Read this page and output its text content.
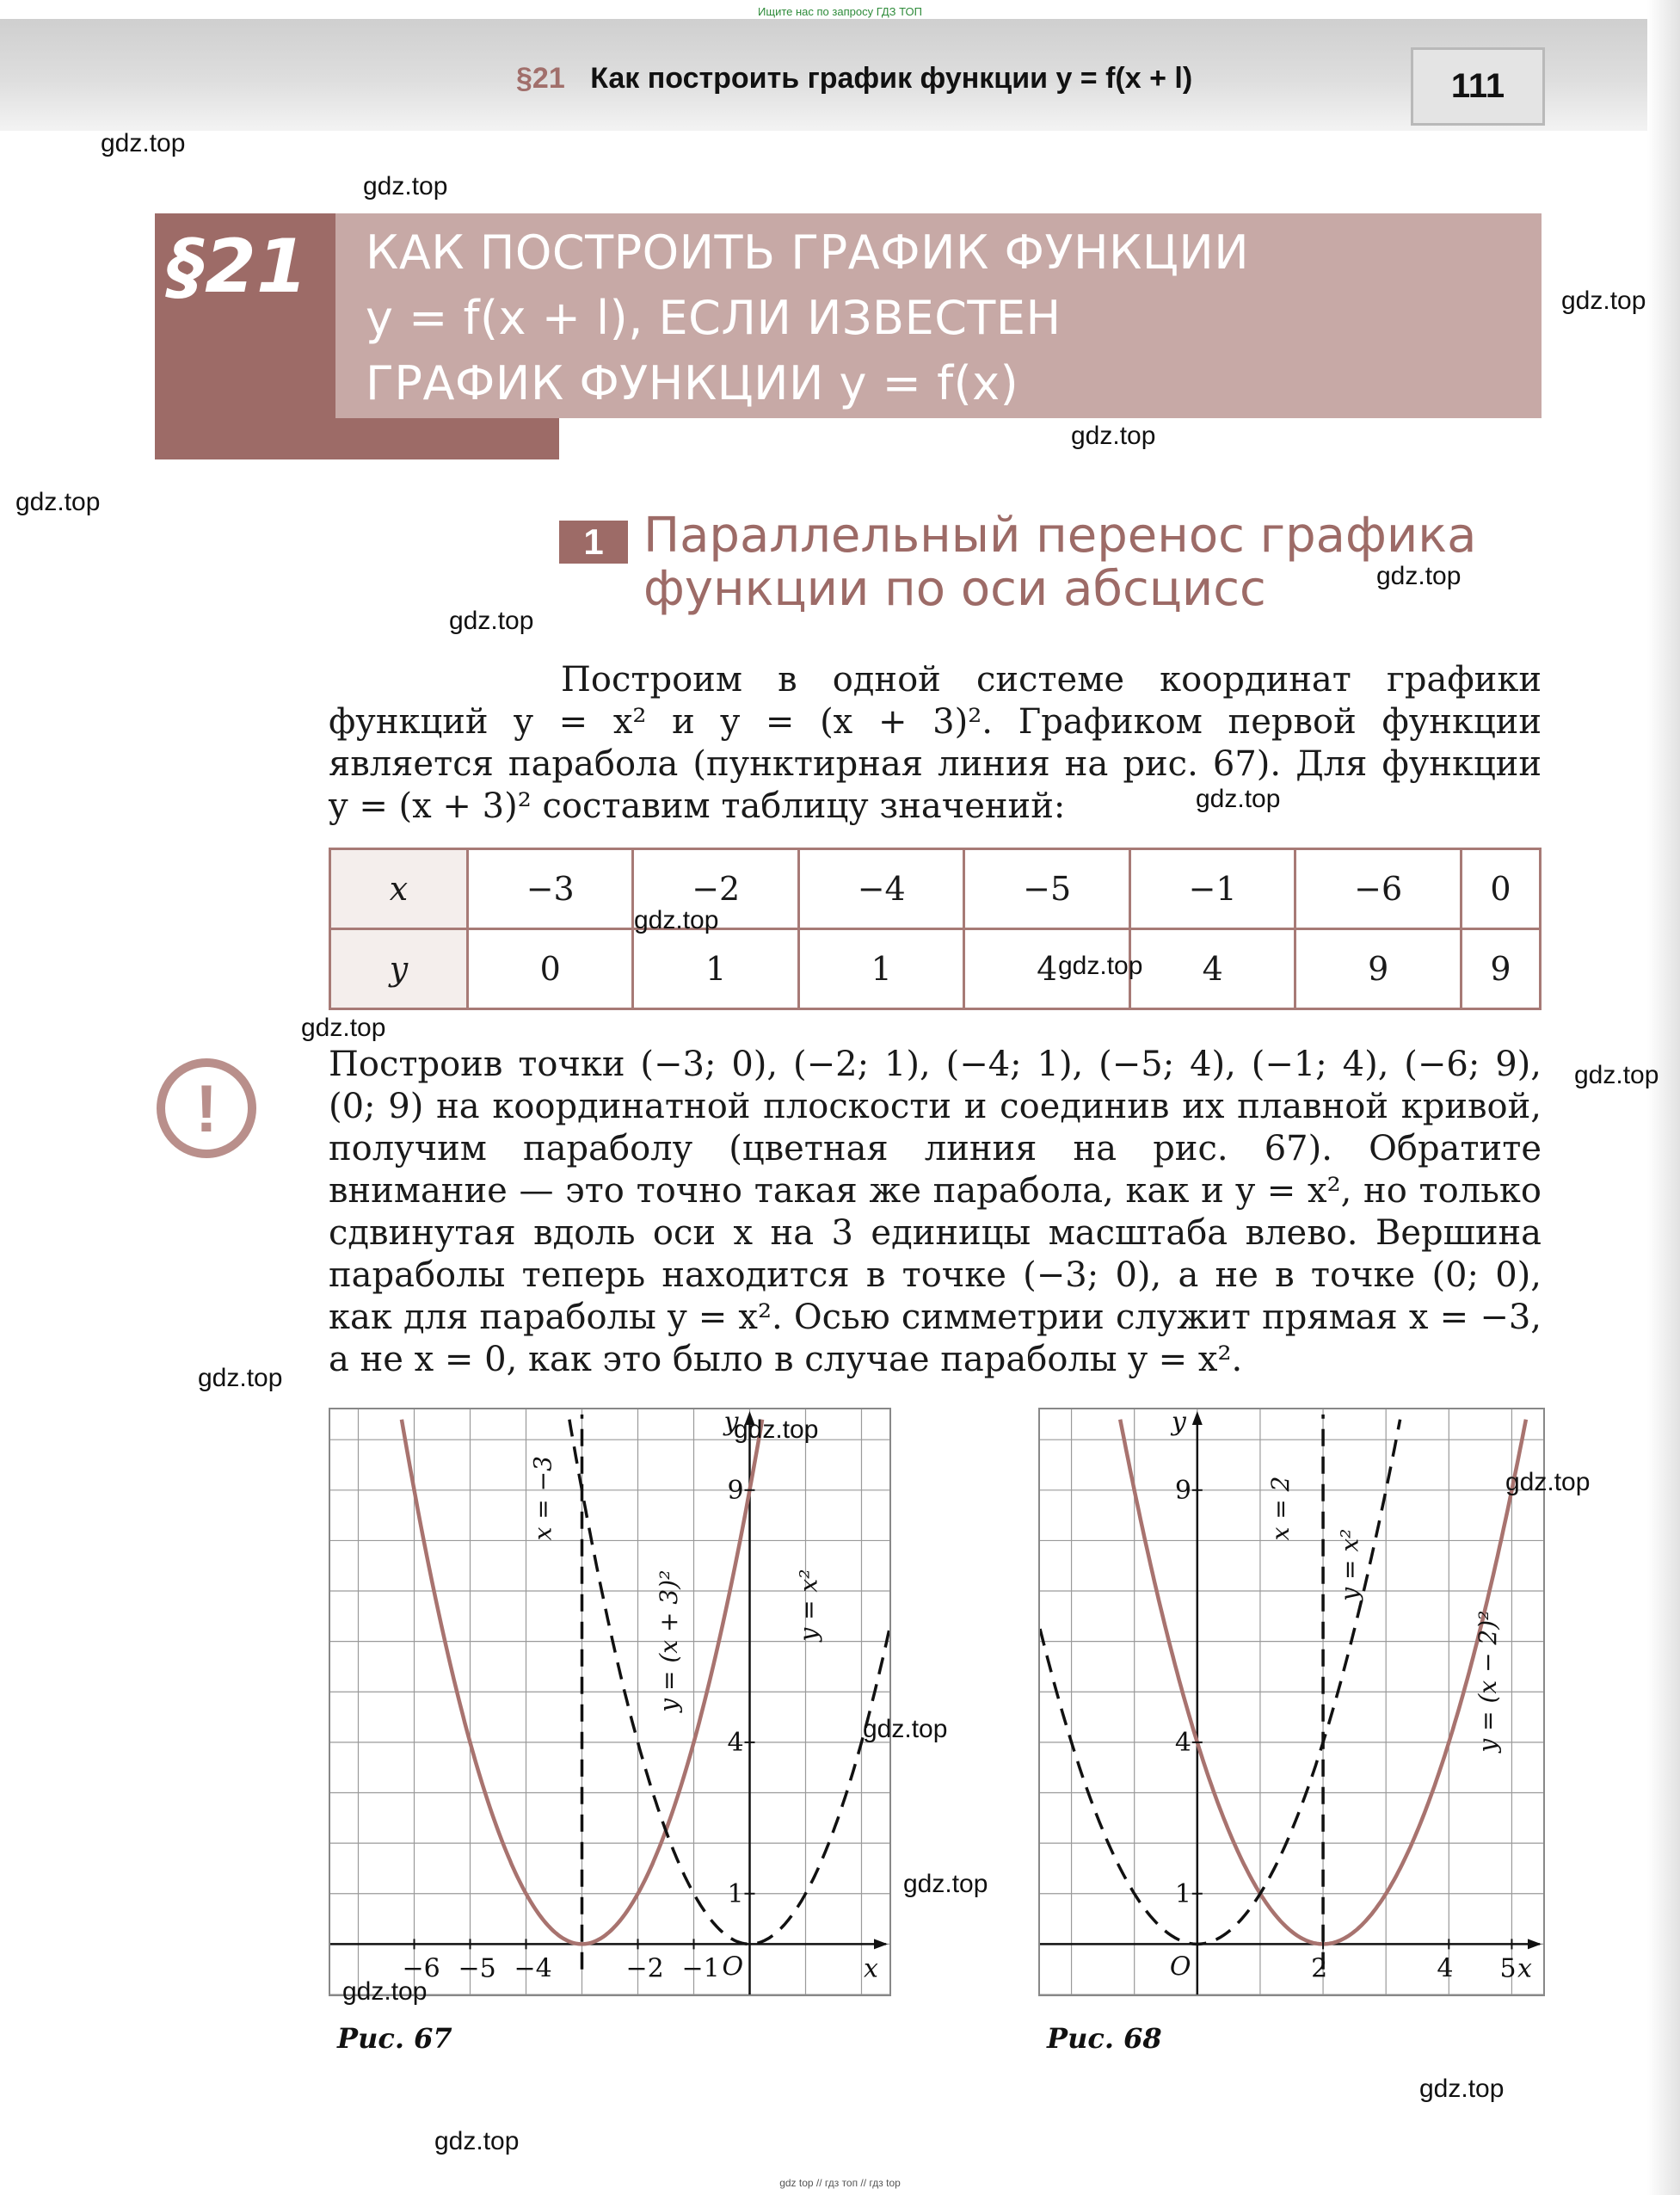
Ищите нас по запросу ГДЗ ТОП
§21 Как построить график функции y = f(x + l)	111
§21 КАК ПОСТРОИТЬ ГРАФИК ФУНКЦИИ
y = f(x + l), ЕСЛИ ИЗВЕСТЕН
ГРАФИК ФУНКЦИИ y = f(x)
1 Параллельный перенос графика
функции по оси абсцисс
Построим в одной системе координат графики функций y = x² и y = (x + 3)². Графиком первой функции является парабола (пунктирная линия на рис. 67). Для функции y = (x + 3)² составим таблицу значений:
x	−3	−2	−4	−5	−1	−6	0
y	0	1	1	4	4	9	9
!
Построив точки (−3; 0), (−2; 1), (−4; 1), (−5; 4), (−1; 4), (−6; 9), (0; 9) на координатной плоскости и соединив их плавной кривой, получим параболу (цветная линия на рис. 67). Обратите внимание — это точно такая же парабола, как и y = x², но только сдвинутая вдоль оси x на 3 единицы масштаба влево. Вершина параболы теперь находится в точке (−3; 0), а не в точке (0; 0), как для параболы y = x². Осью симметрии служит прямая x = −3, а не x = 0, как это было в случае параболы y = x².
−6 −5 −4	−2 −1
9
4
1
x
y
O
x = −3
y = (x + 3)²	y = x²
Рис. 67
2	4 5
9
4
1
x
y
O
x = 2
y = x²
y = (x − 2)²
Рис. 68
gdz.top
gdz.top
gdz.top
gdz.top
gdz.top
gdz.top
gdz.top
gdz.top
gdz.top
gdz.top
gdz.top
gdz.top
gdz.top
gdz.top
gdz.top
gdz.top
gdz.top
gdz.top
gdz.top
gdz.top
gdz top // гдз топ // гдз top
